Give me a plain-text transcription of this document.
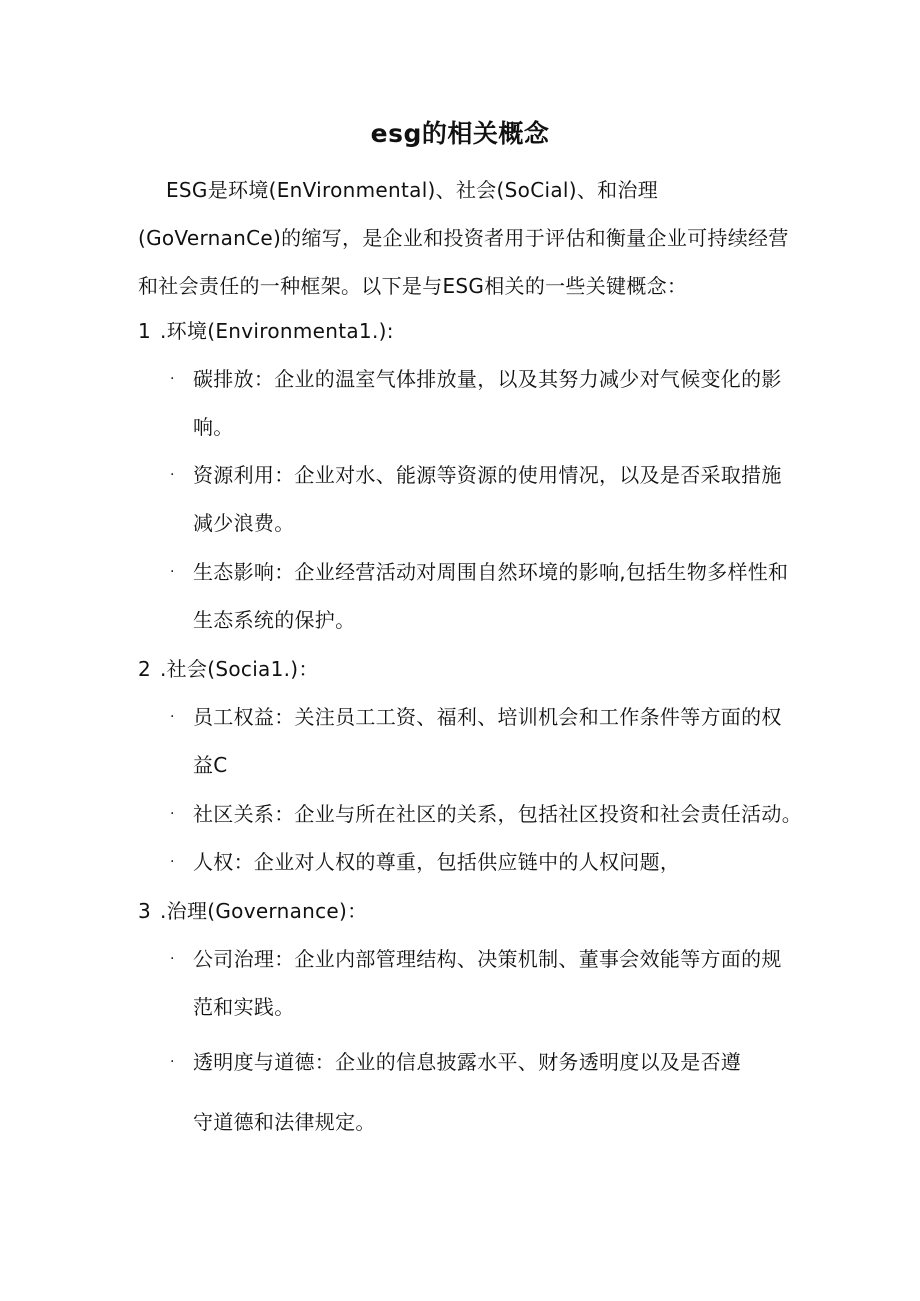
esg的相关概念

ESG是环境(EnVironmental)、社会(SoCial)、和治理(GoVernanCe)的缩写，是企业和投资者用于评估和衡量企业可持续经营和社会责任的一种框架。以下是与ESG相关的一些关键概念：

1 .环境(Environmenta1.):
· 碳排放：企业的温室气体排放量，以及其努力减少对气候变化的影响。
· 资源利用：企业对水、能源等资源的使用情况，以及是否采取措施减少浪费。
· 生态影响：企业经营活动对周围自然环境的影响,包括生物多样性和生态系统的保护。
2 .社会(Socia1.)：
· 员工权益：关注员工工资、福利、培训机会和工作条件等方面的权益C
· 社区关系：企业与所在社区的关系，包括社区投资和社会责任活动。
· 人权：企业对人权的尊重，包括供应链中的人权问题，
3 .治理(Governance)：
· 公司治理：企业内部管理结构、决策机制、董事会效能等方面的规范和实践。
· 透明度与道德：企业的信息披露水平、财务透明度以及是否遵守道德和法律规定。
